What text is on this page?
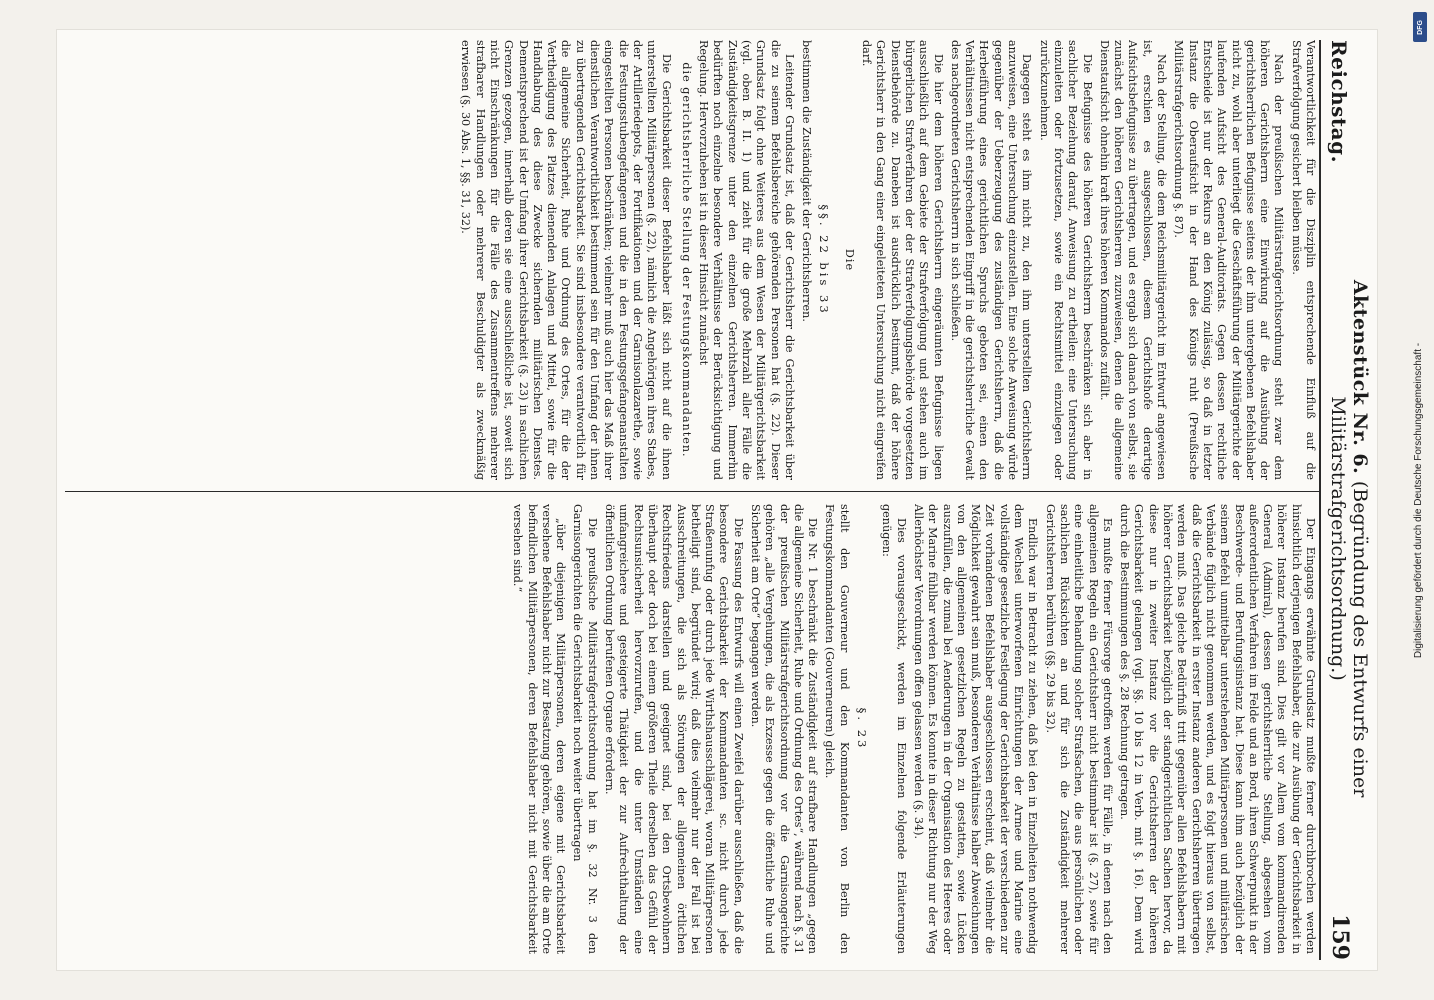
Reichstag.
Aktenstück Nr. 6. (Begründung des Entwurfs einer Militärstrafgerichtsordnung.)
159

Verantwortlichkeit für die Disziplin entsprechende Einfluß auf die Strafverfolgung gesichert bleiben müsse.

Nach der preußischen Militärstrafgerichtsordnung steht zwar dem höheren Gerichtsherrn eine Einwirkung auf die Ausübung der gerichtsherrlichen Befugnisse seitens der ihm untergebenen Befehlshaber nicht zu, wohl aber unterliegt die Geschäftsführung der Militärgerichte der laufenden Aufsicht des General-Auditoriats. Gegen dessen rechtliche Entscheide ist nur der Rekurs an den König zulässig, so daß in letzter Instanz die Oberaufsicht in der Hand des Königs ruht (Preußische Militärstrafgerichtsordnung §. 87).

Nach der Stellung, die dem Reichsmilitärgericht im Entwurf angewiesen ist, erschien es ausgeschlossen, diesem Gerichtshofe derartige Aufsichtsbefugnisse zu übertragen, und es ergab sich danach von selbst, sie zunächst den höheren Gerichtsherren zuzuweisen, denen die allgemeine Dienstaufsicht ohnehin kraft ihres höheren Kommandos zufällt.

Die Befugnisse des höheren Gerichtsherrn beschränken sich aber in sachlicher Beziehung darauf, Anweisung zu ertheilen: eine Untersuchung einzuleiten oder fortzusetzen, sowie ein Rechtsmittel einzulegen oder zurückzunehmen.

Dagegen steht es ihm nicht zu, den ihm unterstellten Gerichtsherrn anzuweisen, eine Untersuchung einzustellen. Eine solche Anweisung würde gegenüber der Ueberzeugung des zuständigen Gerichtsherrn, daß die Herbeiführung eines gerichtlichen Spruchs geboten sei, einen den Verhältnissen nicht entsprechenden Eingriff in die gerichtsherrliche Gewalt des nachgeordneten Gerichtsherrn in sich schließen.

Die hier dem höheren Gerichtsherrn eingeräumten Befugnisse liegen ausschließlich auf dem Gebiete der Strafverfolgung und stehen auch im bürgerlichen Strafverfahren der der Strafverfolgungsbehörde vorgesetzten Dienstbehörde zu. Daneben ist ausdrücklich bestimmt, daß der höhere Gerichtsherr in den Gang einer eingeleiteten Untersuchung nicht eingreifen darf.

Die

§§. 22 bis 33

bestimmen die Zuständigkeit der Gerichtsherren.

Leitender Grundsatz ist, daß der Gerichtsherr die Gerichtsbarkeit über die zu seinem Befehlsbereiche gehörenden Personen hat (§. 22). Dieser Grundsatz folgt ohne Weiteres aus dem Wesen der Militärgerichtsbarkeit (vgl. oben B. II. 1) und zieht für die große Mehrzahl aller Fälle die Zuständigkeitsgrenze unter den einzelnen Gerichtsherren. Immerhin bedürften noch einzelne besondere Verhältnisse der Berücksichtigung und Regelung. Hervorzuheben ist in dieser Hinsicht zunächst

die gerichtsherrliche Stellung der Festungskommandanten.

Die Gerichtsbarkeit dieser Befehlshaber läßt sich nicht auf die ihnen unterstellten Militärpersonen (§. 22), nämlich die Angehörigen ihres Stabes, der Artilleriedepots, der Fortifikationen und der Garnisonlazarethe, sowie die Festungsstubengefangenen und die in den Festungsgefangenanstalten eingestellten Personen beschränken; vielmehr muß auch hier das Maß ihrer dienstlichen Verantwortlichkeit bestimmend sein für den Umfang der ihnen zu übertragenden Gerichtsbarkeit. Sie sind insbesondere verantwortlich für die allgemeine Sicherheit, Ruhe und Ordnung des Ortes, für die der Vertheidigung des Platzes dienenden Anlagen und Mittel, sowie für die Handhabung des diese Zwecke sichernden militärischen Dienstes. Dementsprechend ist der Umfang ihrer Gerichtsbarkeit (§. 23) in sachlichen Grenzen gezogen, innerhalb deren sie eine ausschließliche ist, soweit sich nicht Einschränkungen für die Fälle des Zusammentreffens mehrerer strafbarer Handlungen oder mehrerer Beschuldigter als zweckmäßig erwiesen (§. 30 Abs. 1, §§. 31, 32).

Der Eingangs erwähnte Grundsatz mußte ferner durchbrochen werden hinsichtlich derjenigen Befehlshaber, die zur Ausübung der Gerichtsbarkeit in höherer Instanz berufen sind. Dies gilt vor Allem vom kommandirenden General (Admiral), dessen gerichtsherrliche Stellung, abgesehen vom außerordentlichen Verfahren im Felde und an Bord, ihren Schwerpunkt in der Beschwerde- und Berufungsinstanz hat. Diese kann ihm auch bezüglich der seinem Befehl unmittelbar unterstehenden Militärpersonen und militärischen Verbände füglich nicht genommen werden, und es folgt hieraus von selbst, daß die Gerichtsbarkeit in erster Instanz anderen Gerichtsherren übertragen werden muß. Das gleiche Bedürfniß tritt gegenüber allen Befehlshabern mit höherer Gerichtsbarkeit bezüglich der standgerichtlichen Sachen hervor, da diese nur in zweiter Instanz vor die Gerichtsherren der höheren Gerichtsbarkeit gelangen (vgl. §§. 10 bis 12 in Verb. mit §. 16). Dem wird durch die Bestimmungen des §. 28 Rechnung getragen.

Es mußte ferner Fürsorge getroffen werden für Fälle, in denen nach den allgemeinen Regeln ein Gerichtsherr nicht bestimmbar ist (§. 27), sowie für eine einheitliche Behandlung solcher Strafsachen, die aus persönlichen oder sachlichen Rücksichten an und für sich die Zuständigkeit mehrerer Gerichtsherren berühren (§§. 29 bis 32).

Endlich war in Betracht zu ziehen, daß bei den in Einzelheiten nothwendig dem Wechsel unterworfenen Einrichtungen der Armee und Marine eine vollständige gesetzliche Festlegung der Gerichtsbarkeit der verschiedenen zur Zeit vorhandenen Befehlshaber ausgeschlossen erscheint, daß vielmehr die Möglichkeit gewahrt sein muß, besonderen Verhältnisse halber Abweichungen von den allgemeinen gesetzlichen Regeln zu gestatten, sowie Lücken auszufüllen, die zumal bei Aenderungen in der Organisation des Heeres oder der Marine fühlbar werden können. Es konnte in dieser Richtung nur der Weg Allerhöchster Verordnungen offen gelassen werden (§. 34).

Dies vorausgeschickt, werden im Einzelnen folgende Erläuterungen genügen:

§. 23

stellt den Gouverneur und den Kommandanten von Berlin den Festungskommandanten (Gouverneuren) gleich.

Die Nr. 1 beschränkt die Zuständigkeit auf strafbare Handlungen „gegen die allgemeine Sicherheit, Ruhe und Ordnung des Ortes“, während nach §. 31 der preußischen Militärstrafgerichtsordnung vor die Garnisongerichte gehören „alle Vergehungen, die als Exzesse gegen die öffentliche Ruhe und Sicherheit am Orte“ begangen werden.

Die Fassung des Entwurfs will einen Zweifel darüber ausschließen, daß die besondere Gerichtsbarkeit der Kommandanten sc. nicht durch jede Straßenunfug oder durch jede Wirthshausschlägerei, woran Militärpersonen betheiligt sind, begründet wird; daß dies vielmehr nur der Fall ist bei Ausschreitungen, die sich als Störungen der allgemeinen örtlichen Rechtsfriedens darstellen und geeignet sind, bei den Ortsbewohnern überhaupt oder doch bei einem größeren Theile derselben das Gefühl der Rechtsunsicherheit hervorzurufen, und die unter Umständen eine umfangreichere und gesteigerte Thätigkeit der zur Aufrechthaltung der öffentlichen Ordnung berufenen Organe erfordern.

Die preußische Militärstrafgerichtsordnung hat im §. 32 Nr. 3 den Garnisongerichten die Gerichtsbarkeit noch weiter übertragen

„über diejenigen Militärpersonen, deren eigene mit Gerichtsbarkeit versehene Befehlshaber nicht zur Besatzung gehören, sowie über die am Orte befindlichen Militärpersonen, deren Befehlshaber nicht mit Gerichtsbarkeit versehen sind.“	Digitalisierung gefördert durch die Deutsche Forschungsgemeinschaft -
DFG
